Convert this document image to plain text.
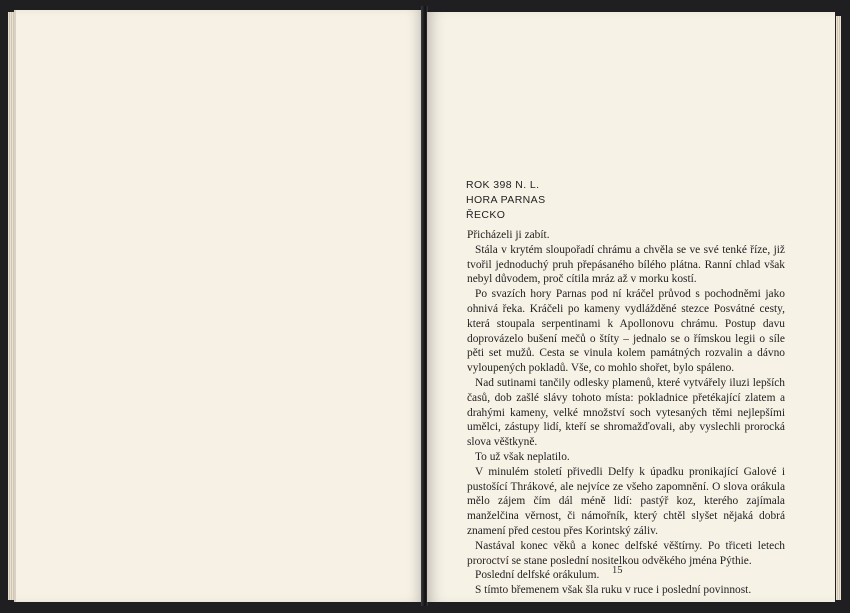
ROK 398 N. L.
HORA PARNAS
ŘECKO

Přicházeli ji zabít.

Stála v krytém sloupořadí chrámu a chvěla se ve své tenké říze, již tvořil jednoduchý pruh přepásaného bílého plátna. Ranní chlad však nebyl důvodem, proč cítila mráz až v morku kostí.

Po svazích hory Parnas pod ní kráčel průvod s pochodněmi jako ohnivá řeka. Kráčeli po kameny vydlážděné stezce Posvátné cesty, která stoupala serpentinami k Apollonovu chrámu. Postup davu doprovázelo bušení mečů o štíty – jednalo se o římskou legii o síle pěti set mužů. Cesta se vinula kolem památných rozvalin a dávno vyloupených pokladů. Vše, co mohlo shořet, bylo spáleno.

Nad sutinami tančily odlesky plamenů, které vytvářely iluzi lepších časů, dob zašlé slávy tohoto místa: pokladnice přetékající zlatem a drahými kameny, velké množství soch vytesaných těmi nejlepšími umělci, zástupy lidí, kteří se shromažďovali, aby vyslechli prorocká slova věštkyně.

To už však neplatilo.

V minulém století přivedli Delfy k úpadku pronikající Galové i pustošící Thrákové, ale nejvíce ze všeho zapomnění. O slova orákula mělo zájem čím dál méně lidí: pastýř koz, kterého zajímala manželčina věrnost, či námořník, který chtěl slyšet nějaká dobrá znamení před cestou přes Korintský záliv.

Nastával konec věků a konec delfské věštírny. Po třiceti letech proroctví se stane poslední nositelkou odvěkého jména Pýthie.

Poslední delfské orákulum.

S tímto břemenem však šla ruku v ruce i poslední povinnost.

15
